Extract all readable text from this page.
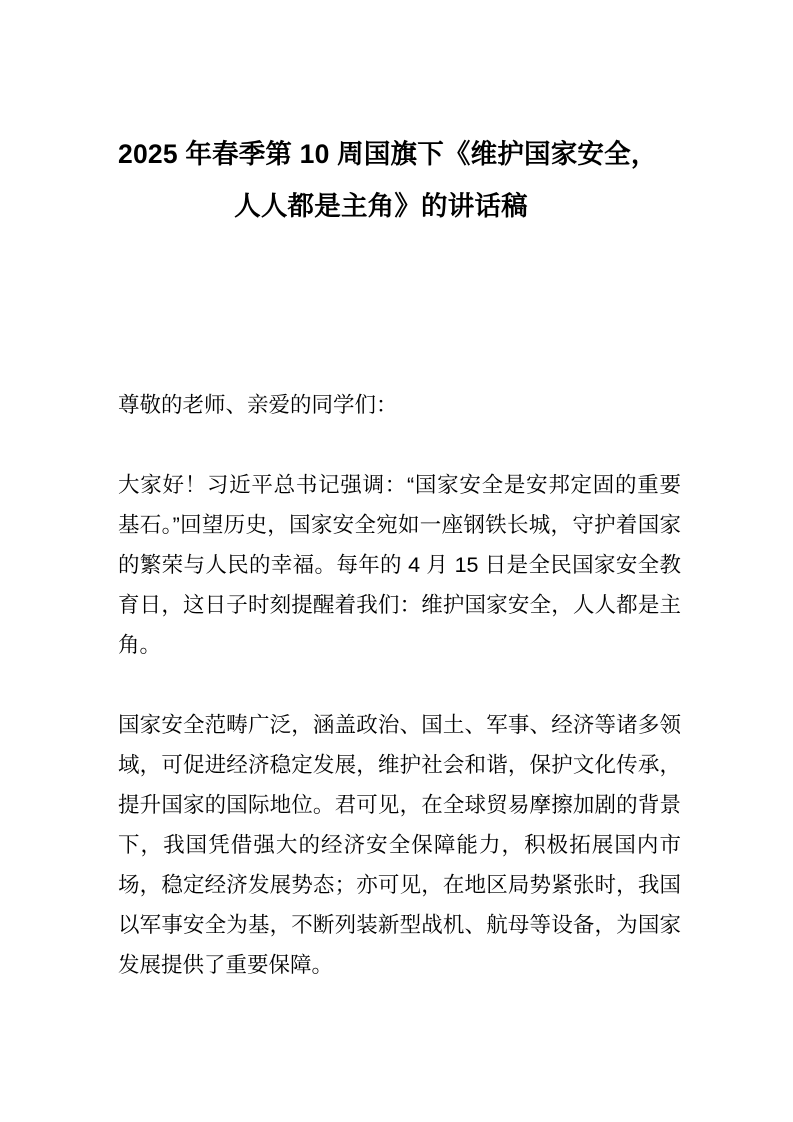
2025 年春季第 10 周国旗下《维护国家安全，
人人都是主角》的讲话稿

尊敬的老师、亲爱的同学们：

大家好！习近平总书记强调：“国家安全是安邦定固的重要基石。”回望历史，国家安全宛如一座钢铁长城，守护着国家的繁荣与人民的幸福。每年的 4 月 15 日是全民国家安全教育日，这日子时刻提醒着我们：维护国家安全，人人都是主角。

国家安全范畴广泛，涵盖政治、国土、军事、经济等诸多领域，可促进经济稳定发展，维护社会和谐，保护文化传承，提升国家的国际地位。君可见，在全球贸易摩擦加剧的背景下，我国凭借强大的经济安全保障能力，积极拓展国内市场，稳定经济发展势态；亦可见，在地区局势紧张时，我国以军事安全为基，不断列装新型战机、航母等设备，为国家发展提供了重要保障。
